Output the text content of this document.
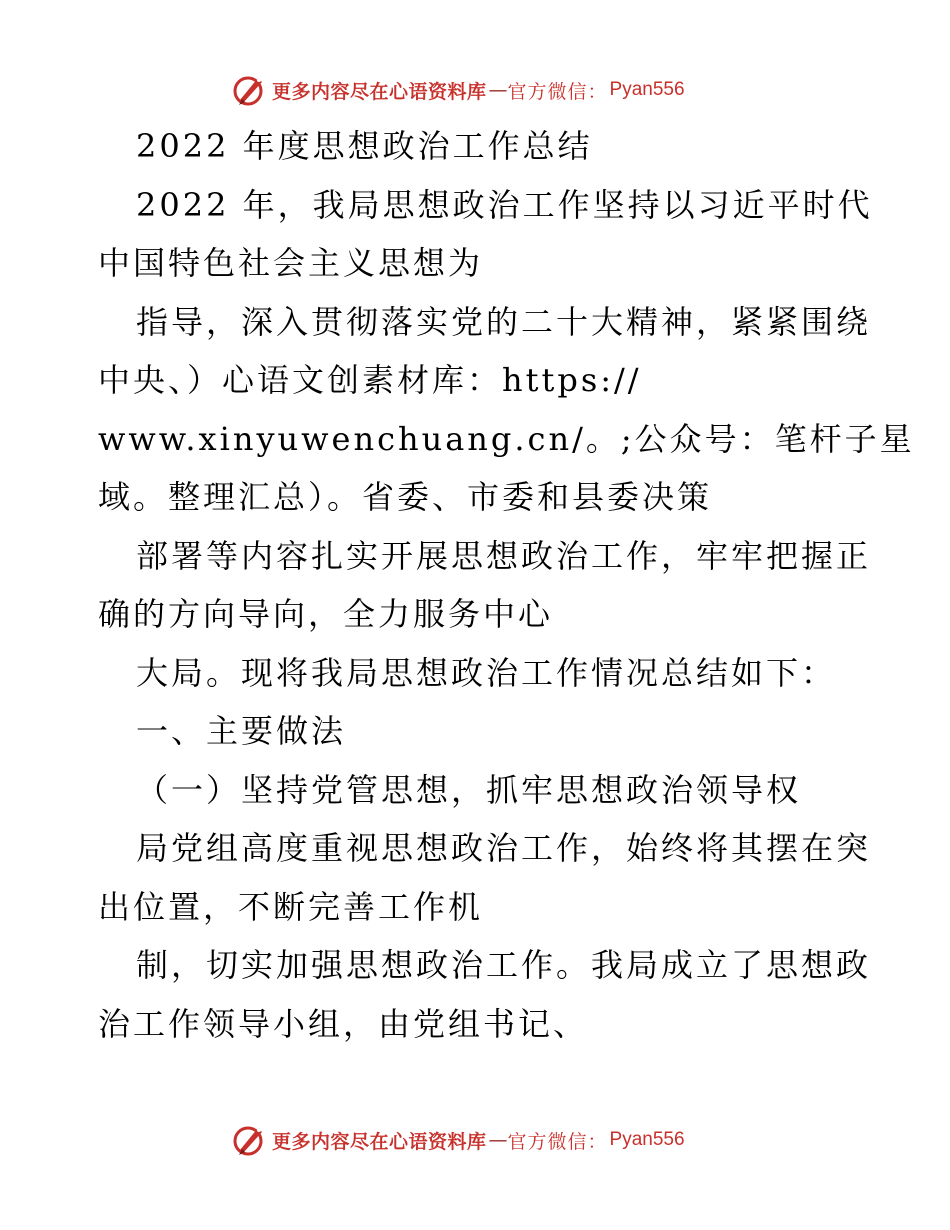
更多内容尽在心语资料库 — 官方微信： Pyan556
2022 年度思想政治工作总结
2022 年，我局思想政治工作坚持以习近平时代
中国特色社会主义思想为
指导，深入贯彻落实党的二十大精神，紧紧围绕
中央、）心语文创素材库：https://
www.xinyuwenchuang.cn/。;公众号：笔杆子星
域。整理汇总）。省委、市委和县委决策
部署等内容扎实开展思想政治工作，牢牢把握正
确的方向导向，全力服务中心
大局。现将我局思想政治工作情况总结如下：
一、主要做法
（一）坚持党管思想，抓牢思想政治领导权
局党组高度重视思想政治工作，始终将其摆在突
出位置，不断完善工作机
制，切实加强思想政治工作。我局成立了思想政
治工作领导小组，由党组书记、
更多内容尽在心语资料库 — 官方微信： Pyan556
